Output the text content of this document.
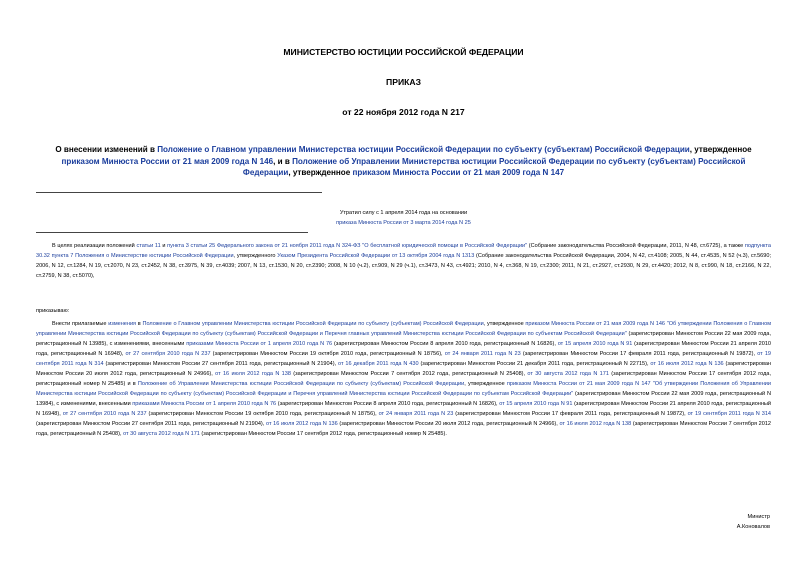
МИНИСТЕРСТВО ЮСТИЦИИ РОССИЙСКОЙ ФЕДЕРАЦИИ
ПРИКАЗ
от 22 ноября 2012 года N 217
О внесении изменений в Положение о Главном управлении Министерства юстиции Российской Федерации по субъекту (субъектам) Российской Федерации, утвержденное приказом Минюста России от 21 мая 2009 года N 146, и в Положение об Управлении Министерства юстиции Российской Федерации по субъекту (субъектам) Российской Федерации, утвержденное приказом Минюста России от 21 мая 2009 года N 147
Утратил силу с 1 апреля 2014 года на основании
приказа Минюста России от 3 марта 2014 года N 25

В целях реализации положений статьи 11 и пункта 3 статьи 25 Федерального закона от 21 ноября 2011 года N 324-ФЗ "О бесплатной юридической помощи в Российской Федерации" (Собрание законодательства Российской Федерации, 2011, N 48, ст.6725), а также подпункта 30.32 пункта 7 Положения о Министерстве юстиции Российской Федерации, утвержденного Указом Президента Российской Федерации от 13 октября 2004 года N 1313 (Собрание законодательства Российской Федерации, 2004, N 42, ст.4108; 2005, N 44, ст.4535, N 52 (ч.3), ст.5690; 2006, N 12, ст.1284, N 19, ст.2070, N 23, ст.2452, N 38, ст.3975, N 39, ст.4039; 2007, N 13, ст.1530, N 20, ст.2390; 2008, N 10 (ч.2), ст.909, N 29 (ч.1), ст.3473, N 43, ст.4921; 2010, N 4, ст.368, N 19, ст.2300; 2011, N 21, ст.2927, ст.2930, N 29, ст.4420; 2012, N 8, ст.990, N 18, ст.2166, N 22, ст.2759, N 38, ст.5070),

приказываю:

Внести прилагаемые изменения в Положение о Главном управлении Министерства юстиции Российской Федерации по субъекту (субъектам) Российской Федерации, утвержденное приказом Минюста России от 21 мая 2009 года N 146 "Об утверждении Положения о Главном управлении Министерства юстиции Российской Федерации по субъекту (субъектам) Российской Федерации и Перечня главных управлений Министерства юстиции Российской Федерации по субъектам Российской Федерации" (зарегистрирован Минюстом России 22 мая 2009 года, регистрационный N 13985), с изменениями, внесенными приказами Минюста России от 1 апреля 2010 года N 76 (зарегистрирован Минюстом России 8 апреля 2010 года, регистрационный N 16826), от 15 апреля 2010 года N 91 (зарегистрирован Минюстом России 21 апреля 2010 года, регистрационный N 16948), от 27 сентября 2010 года N 237 (зарегистрирован Минюстом России 19 октября 2010 года, регистрационный N 18756), от 24 января 2011 года N 23 (зарегистрирован Минюстом России 17 февраля 2011 года, регистрационный N 19872), от 19 сентября 2011 года N 314 (зарегистрирован Минюстом России 27 сентября 2011 года, регистрационный N 21904), от 16 декабря 2011 года N 430 (зарегистрирован Минюстом России 21 декабря 2011 года, регистрационный N 22715), от 16 июля 2012 года N 136 (зарегистрирован Минюстом России 20 июля 2012 года, регистрационный N 24966), от 16 июля 2012 года N 138 (зарегистрирован Минюстом России 7 сентября 2012 года, регистрационный N 25408), от 30 августа 2012 года N 171 (зарегистрирован Минюстом России 17 сентября 2012 года, регистрационный номер N 25485) и в Положение об Управлении Министерства юстиции Российской Федерации по субъекту (субъектам) Российской Федерации, утвержденное приказом Минюста России от 21 мая 2009 года N 147 "Об утверждении Положения об Управлении Министерства юстиции Российской Федерации по субъекту (субъектам) Российской Федерации и Перечня управлений Министерства юстиции Российской Федерации по субъектам Российской Федерации" (зарегистрирован Минюстом России 22 мая 2009 года, регистрационный N 13984), с изменениями, внесенными приказами Минюста России от 1 апреля 2010 года N 76 (зарегистрирован Минюстом России 8 апреля 2010 года, регистрационный N 16826), от 15 апреля 2010 года N 91 (зарегистрирован Минюстом России 21 апреля 2010 года, регистрационный N 16948), от 27 сентября 2010 года N 237 (зарегистрирован Минюстом России 19 октября 2010 года, регистрационный N 18756), от 24 января 2011 года N 23 (зарегистрирован Минюстом России 17 февраля 2011 года, регистрационный N 19872), от 19 сентября 2011 года N 314 (зарегистрирован Минюстом России 27 сентября 2011 года, регистрационный N 21904), от 16 июля 2012 года N 136 (зарегистрирован Минюстом России 20 июля 2012 года, регистрационный N 24966), от 16 июля 2012 года N 138 (зарегистрирован Минюстом России 7 сентября 2012 года, регистрационный N 25408), от 30 августа 2012 года N 171 (зарегистрирован Минюстом России 17 сентября 2012 года, регистрационный номер N 25485).

Министр
А.Коновалов
